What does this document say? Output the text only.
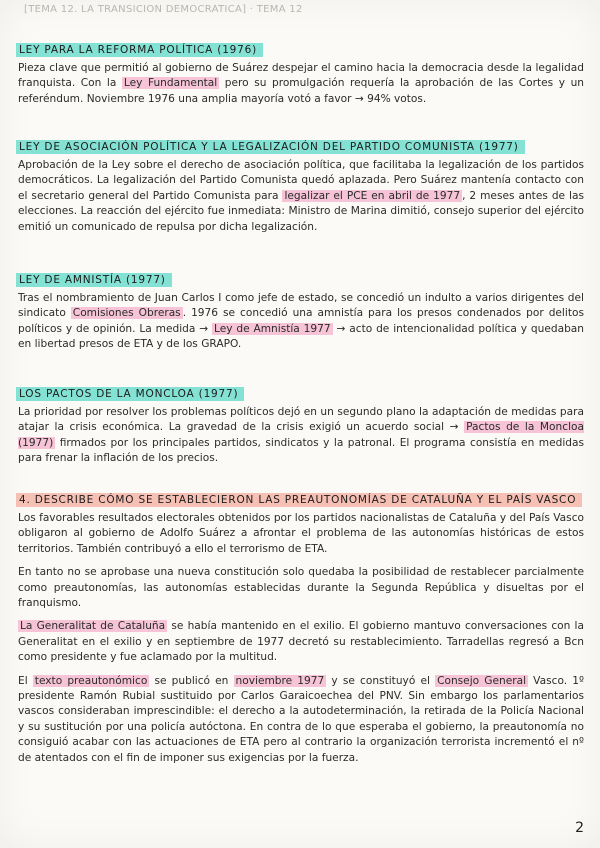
[TEMA 12. LA TRANSICIÓN DEMOCRÁTICA] · TEMA 12
LEY PARA LA REFORMA POLÍTICA (1976)
Pieza clave que permitió al gobierno de Suárez despejar el camino hacia la democracia desde la legalidad franquista. Con la Ley Fundamental pero su promulgación requería la aprobación de las Cortes y un referéndum. Noviembre 1976 una amplia mayoría votó a favor → 94% votos.
LEY DE ASOCIACIÓN POLÍTICA Y LA LEGALIZACIÓN DEL PARTIDO COMUNISTA (1977)
Aprobación de la Ley sobre el derecho de asociación política, que facilitaba la legalización de los partidos democráticos. La legalización del Partido Comunista quedó aplazada. Pero Suárez mantenía contacto con el secretario general del Partido Comunista para legalizar el PCE en abril de 1977 , 2 meses antes de las elecciones. La reacción del ejército fue inmediata: Ministro de Marina dimitió, consejo superior del ejército emitió un comunicado de repulsa por dicha legalización.
LEY DE AMNISTÍA (1977)
Tras el nombramiento de Juan Carlos I como jefe de estado, se concedió un indulto a varios dirigentes del sindicato Comisiones Obreras . 1976 se concedió una amnistía para los presos condenados por delitos políticos y de opinión. La medida → Ley de Amnistía 1977 → acto de intencionalidad política y quedaban en libertad presos de ETA y de los GRAPO.
LOS PACTOS DE LA MONCLOA (1977)
La prioridad por resolver los problemas políticos dejó en un segundo plano la adaptación de medidas para atajar la crisis económica. La gravedad de la crisis exigió un acuerdo social → Pactos de la Moncloa (1977) firmados por los principales partidos, sindicatos y la patronal. El programa consistía en medidas para frenar la inflación de los precios.
4. DESCRIBE CÓMO SE ESTABLECIERON LAS PREAUTONOMÍAS DE CATALUÑA Y EL PAÍS VASCO
Los favorables resultados electorales obtenidos por los partidos nacionalistas de Cataluña y del País Vasco obligaron al gobierno de Adolfo Suárez a afrontar el problema de las autonomías históricas de estos territorios. También contribuyó a ello el terrorismo de ETA.
En tanto no se aprobase una nueva constitución solo quedaba la posibilidad de restablecer parcialmente como preautonomías, las autonomías establecidas durante la Segunda República y disueltas por el franquismo.
La Generalitat de Cataluña se había mantenido en el exilio. El gobierno mantuvo conversaciones con la Generalitat en el exilio y en septiembre de 1977 decretó su restablecimiento. Tarradellas regresó a Bcn como presidente y fue aclamado por la multitud.
El texto preautonómico se publicó en noviembre 1977 y se constituyó el Consejo General Vasco. 1º presidente Ramón Rubial sustituido por Carlos Garaicoechea del PNV. Sin embargo los parlamentarios vascos consideraban imprescindible: el derecho a la autodeterminación, la retirada de la Policía Nacional y su sustitución por una policía autóctona. En contra de lo que esperaba el gobierno, la preautonomía no consiguió acabar con las actuaciones de ETA pero al contrario la organización terrorista incrementó el nº de atentados con el fin de imponer sus exigencias por la fuerza.
2
